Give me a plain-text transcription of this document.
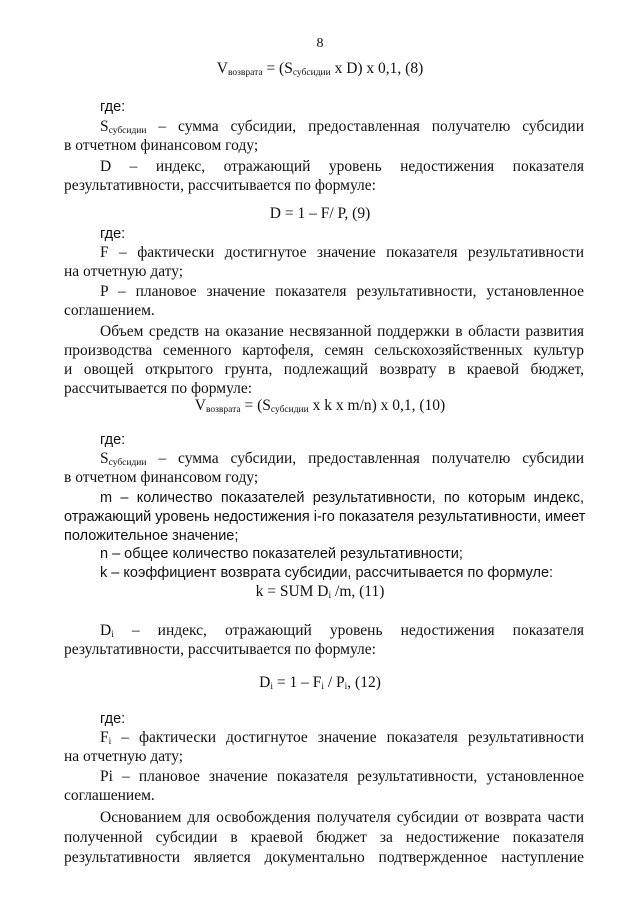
8
$V_{возврата} = (S_{субсидии}$ x D) x 0,1, (8)
где:
$S_{субсидии}$ – сумма субсидии, предоставленная получателю субсидии
в отчетном финансовом году;
D – индекс, отражающий уровень недостижения показателя
результативности, рассчитывается по формуле:
D = 1 – F/ P, (9)
где:
F – фактически достигнутое значение показателя результативности
на отчетную дату;
P – плановое значение показателя результативности, установленное
соглашением.
Объем средств на оказание несвязанной поддержки в области развития
производства семенного картофеля, семян сельскохозяйственных культур
и овощей открытого грунта, подлежащий возврату в краевой бюджет,
рассчитывается по формуле:
$V_{возврата} = (S_{субсидии}$ x k x m/n) x 0,1, (10)
где:
$S_{субсидии}$ – сумма субсидии, предоставленная получателю субсидии
в отчетном финансовом году;
m – количество показателей результативности, по которым индекс,
отражающий уровень недостижения i-го показателя результативности, имеет
положительное значение;
n – общее количество показателей результативности;
k – коэффициент возврата субсидии, рассчитывается по формуле:
k = SUM $D_i$ /m, (11)
$D_i$ – индекс, отражающий уровень недостижения показателя
результативности, рассчитывается по формуле:
$D_i = 1 - F_i / P_i$, (12)
где:
$F_i$ – фактически достигнутое значение показателя результативности
на отчетную дату;
Pi – плановое значение показателя результативности, установленное
соглашением.
Основанием для освобождения получателя субсидии от возврата части
полученной субсидии в краевой бюджет за недостижение показателя
результативности является документально подтвержденное наступление
